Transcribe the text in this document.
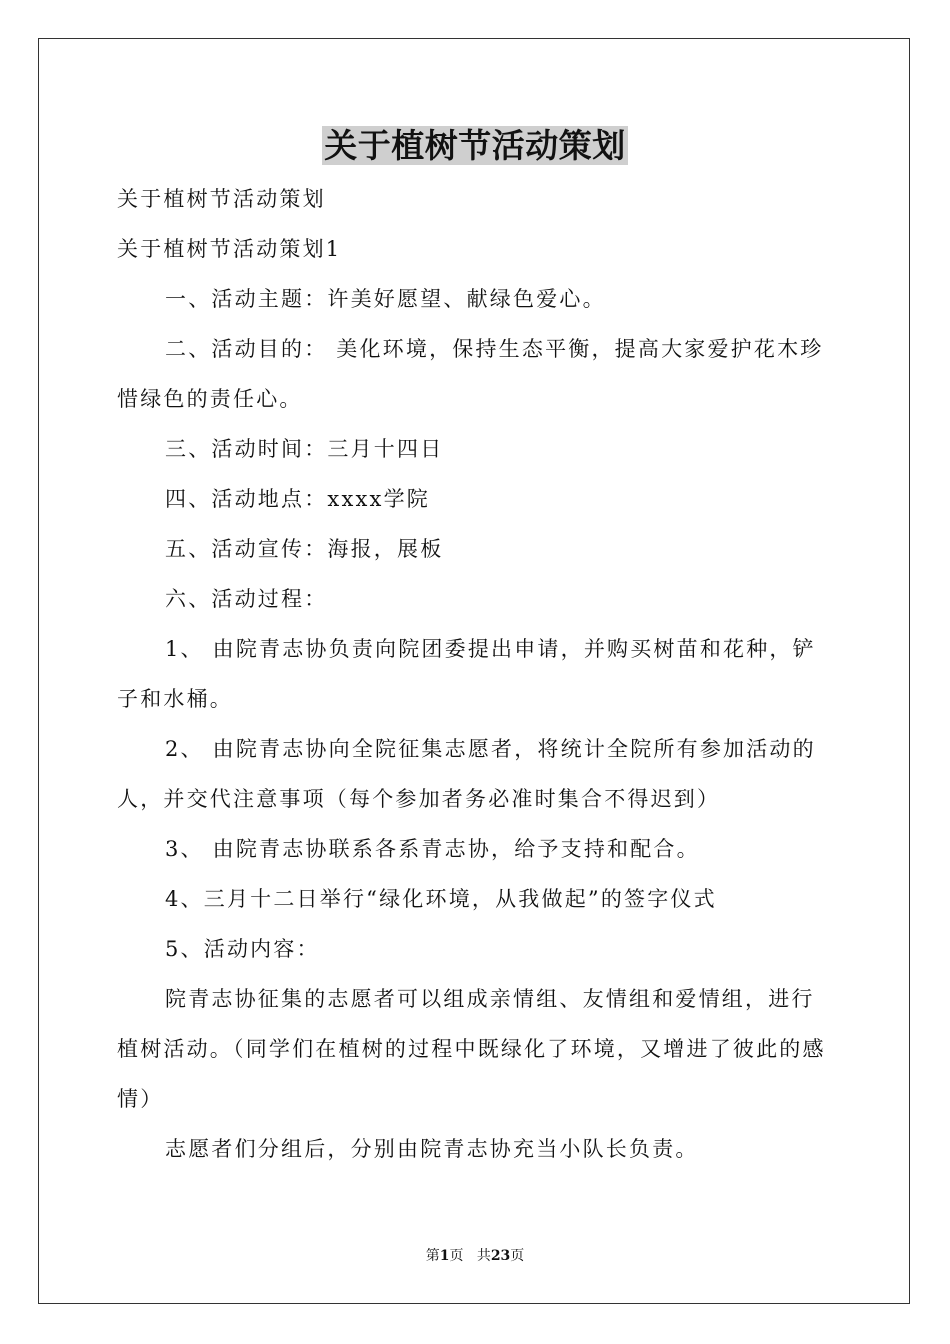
关于植树节活动策划

关于植树节活动策划

关于植树节活动策划1

一、活动主题：许美好愿望、献绿色爱心。

二、活动目的： 美化环境，保持生态平衡，提高大家爱护花木珍惜绿色的责任心。

三、活动时间：三月十四日

四、活动地点：xxxx学院

五、活动宣传：海报，展板

六、活动过程：

1、 由院青志协负责向院团委提出申请，并购买树苗和花种，铲子和水桶。

2、 由院青志协向全院征集志愿者，将统计全院所有参加活动的人，并交代注意事项（每个参加者务必准时集合不得迟到）

3、 由院青志协联系各系青志协，给予支持和配合。

4、三月十二日举行“绿化环境，从我做起”的签字仪式

5、活动内容：

院青志协征集的志愿者可以组成亲情组、友情组和爱情组，进行植树活动。（同学们在植树的过程中既绿化了环境，又增进了彼此的感情）

志愿者们分组后，分别由院青志协充当小队长负责。

第1页 共23页
